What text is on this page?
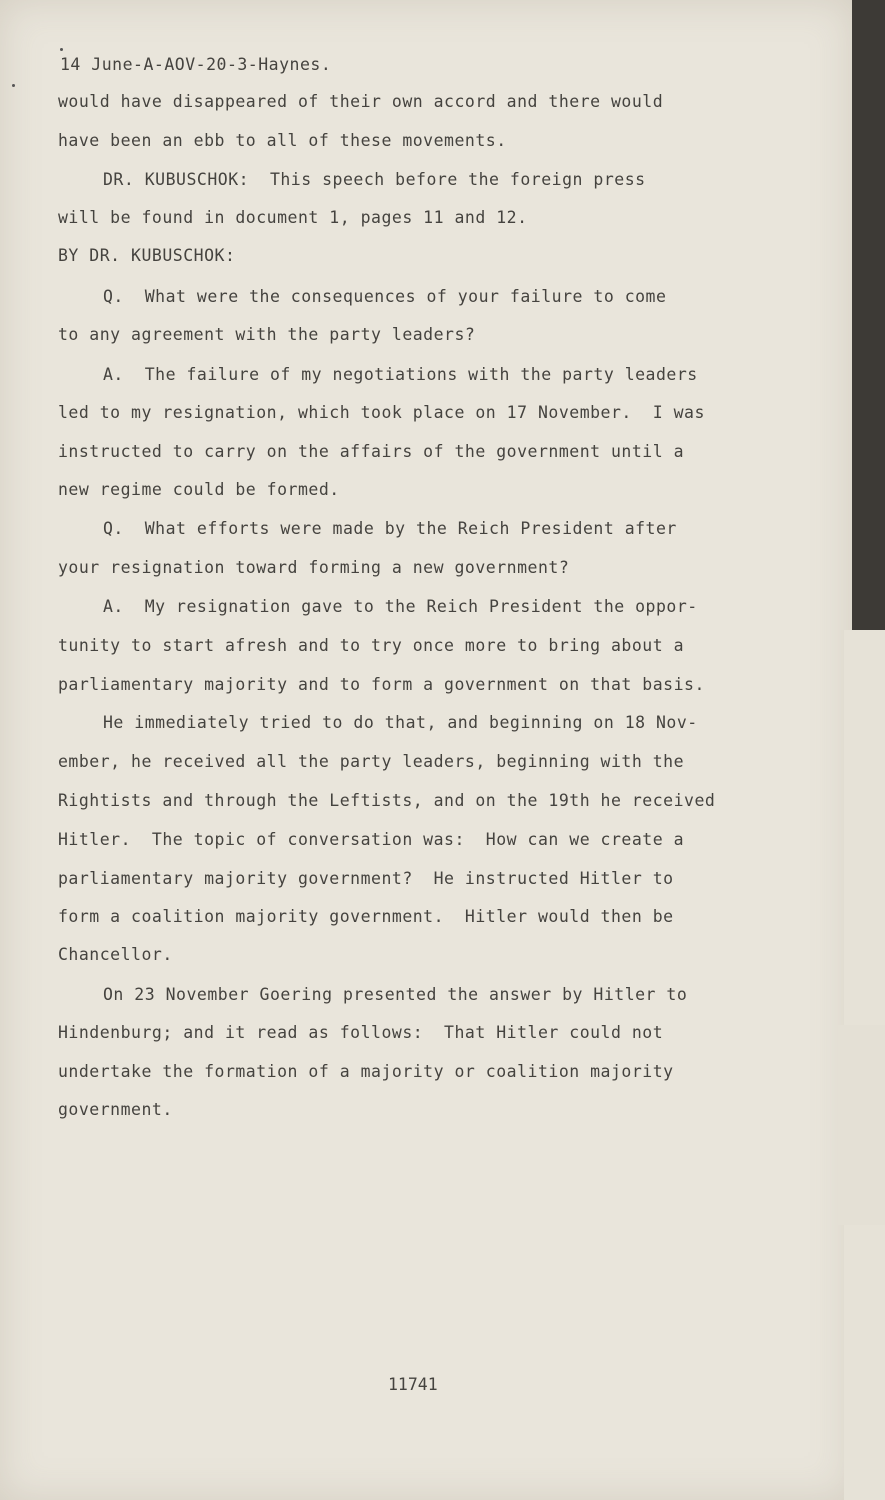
14 June-A-AOV-20-3-Haynes.

would have disappeared of their own accord and there would

have been an ebb to all of these movements.

DR. KUBUSCHOK:  This speech before the foreign press

will be found in document 1, pages 11 and 12.

BY DR. KUBUSCHOK:

Q.  What were the consequences of your failure to come

to any agreement with the party leaders?

A.  The failure of my negotiations with the party leaders

led to my resignation, which took place on 17 November.  I was

instructed to carry on the affairs of the government until a

new regime could be formed.

Q.  What efforts were made by the Reich President after

your resignation toward forming a new government?

A.  My resignation gave to the Reich President the oppor-

tunity to start afresh and to try once more to bring about a

parliamentary majority and to form a government on that basis.

He immediately tried to do that, and beginning on 18 Nov-

ember, he received all the party leaders, beginning with the

Rightists and through the Leftists, and on the 19th he received

Hitler.  The topic of conversation was:  How can we create a

parliamentary majority government?  He instructed Hitler to

form a coalition majority government.  Hitler would then be

Chancellor.

On 23 November Goering presented the answer by Hitler to

Hindenburg; and it read as follows:  That Hitler could not

undertake the formation of a majority or coalition majority

government.

11741
